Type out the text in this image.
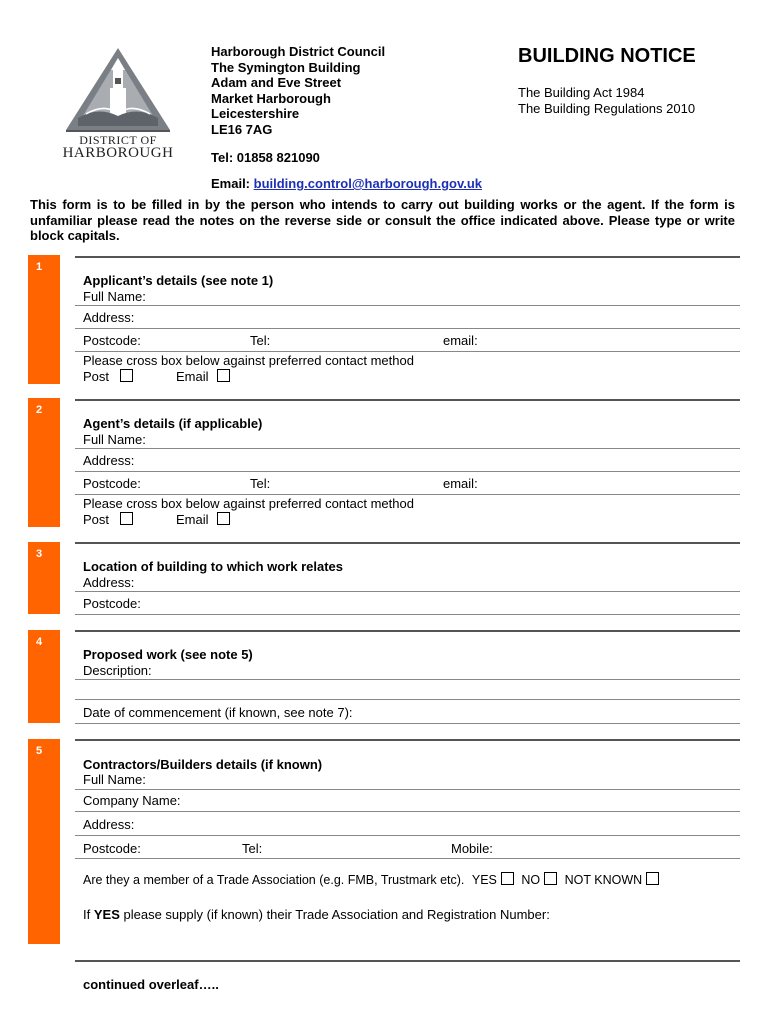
DISTRICT OF
HARBOROUGH
Harborough District Council
The Symington Building
Adam and Eve Street
Market Harborough
Leicestershire
LE16 7AG
Tel: 01858 821090
Email: building.control@harborough.gov.uk
BUILDING NOTICE
The Building Act 1984
The Building Regulations 2010
This form is to be filled in by the person who intends to carry out building works or the agent. If the form is unfamiliar please read the notes on the reverse side or consult the office indicated above. Please type or write block capitals.
1
Applicant’s details (see note 1)
Full Name:
Address:
Postcode:	Tel:	email:
Please cross box below against preferred contact method
Post	Email
2
Agent’s details (if applicable)
Full Name:
Address:
Postcode:	Tel:	email:
Please cross box below against preferred contact method
Post	Email
3
Location of building to which work relates
Address:
Postcode:
4
Proposed work (see note 5)
Description:
Date of commencement (if known, see note 7):
5
Contractors/Builders details (if known)
Full Name:
Company Name:
Address:
Postcode:	Tel:	Mobile:
Are they a member of a Trade Association (e.g. FMB, Trustmark etc). YES NO NOT KNOWN
If YES please supply (if known) their Trade Association and Registration Number:
continued overleaf…..
